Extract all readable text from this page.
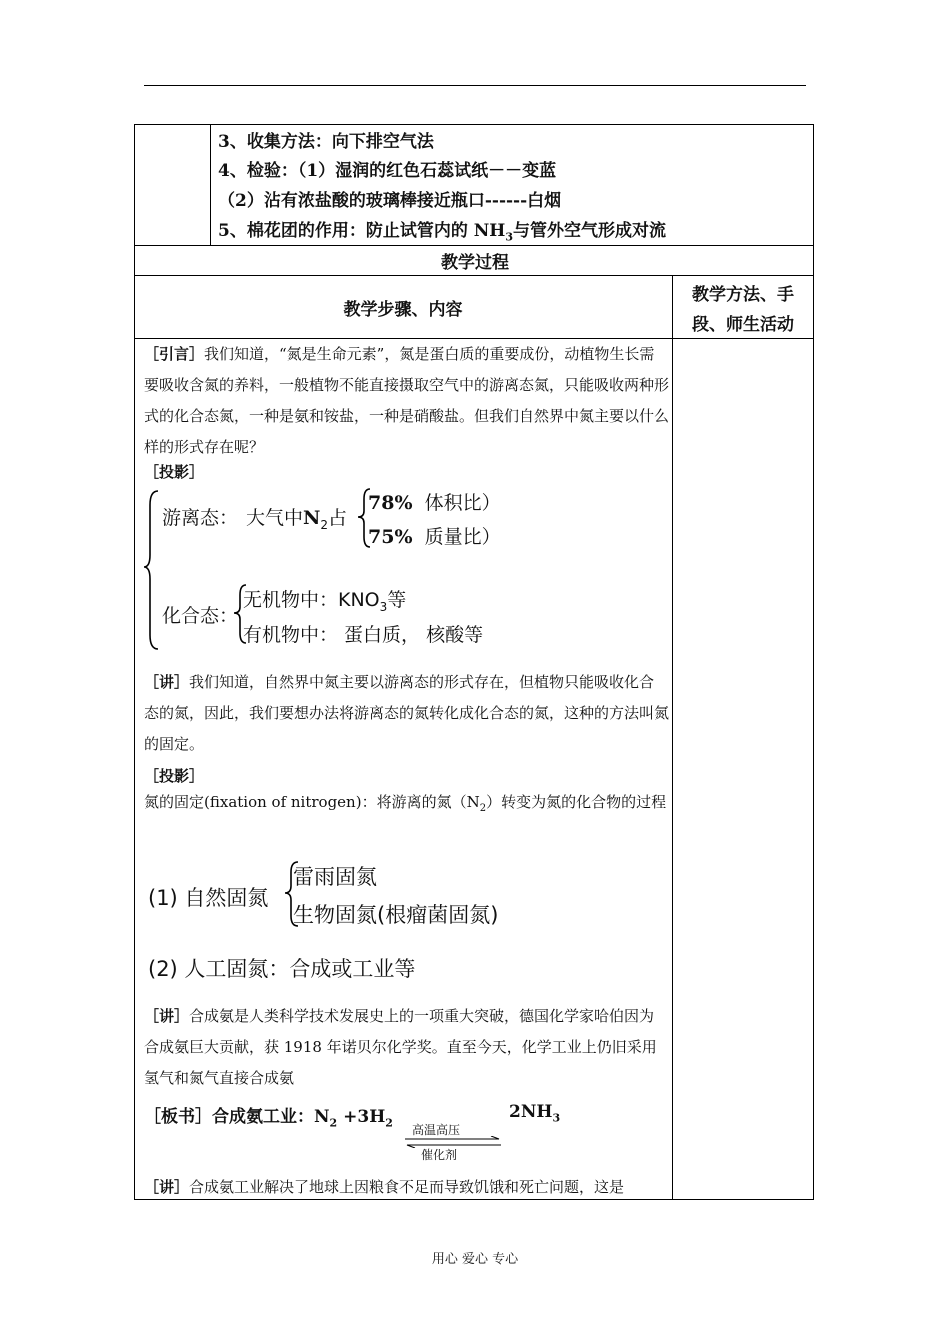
3、收集方法：向下排空气法
4、检验：（1）湿润的红色石蕊试纸－－变蓝
（2）沾有浓盐酸的玻璃棒接近瓶口------白烟
5、棉花团的作用：防止试管内的 $NH_3$与管外空气形成对流
教学过程
教学步骤、内容
教学方法、手
段、师生活动
［引言］我们知道，“氮是生命元素”，氮是蛋白质的重要成份，动植物生长需要吸收含氮的养料，一般植物不能直接摄取空气中的游离态氮，只能吸收两种形式的化合态氮，一种是氨和铵盐，一种是硝酸盐。但我们自然界中氮主要以什么样的形式存在呢？
［投影］
游离态： 大气中$N_2$占
78% 体积比）
75% 质量比）
化合态：
无机物中：$KNO_3$等
有机物中： 蛋白质， 核酸等
［讲］我们知道，自然界中氮主要以游离态的形式存在，但植物只能吸收化合态的氮，因此，我们要想办法将游离态的氮转化成化合态的氮，这种的方法叫氮的固定。
［投影］
氮的固定(fixation of nitrogen)：将游离的氮$(N_2)$转变为氮的化合物的过程
(1) 自然固氮
雷雨固氮
生物固氮(根瘤菌固氮)
(2) 人工固氮：合成或工业等
［讲］合成氨是人类科学技术发展史上的一项重大突破，德国化学家哈伯因为合成氨巨大贡献，获 1918 年诺贝尔化学奖。直至今天，化学工业上仍旧采用氢气和氮气直接合成氨
［板书］合成氨工业：$N_2 +3H_2$
高温高压
催化剂
$2NH_3$
［讲］合成氨工业解决了地球上因粮食不足而导致饥饿和死亡问题，这是
用心 爱心 专心
